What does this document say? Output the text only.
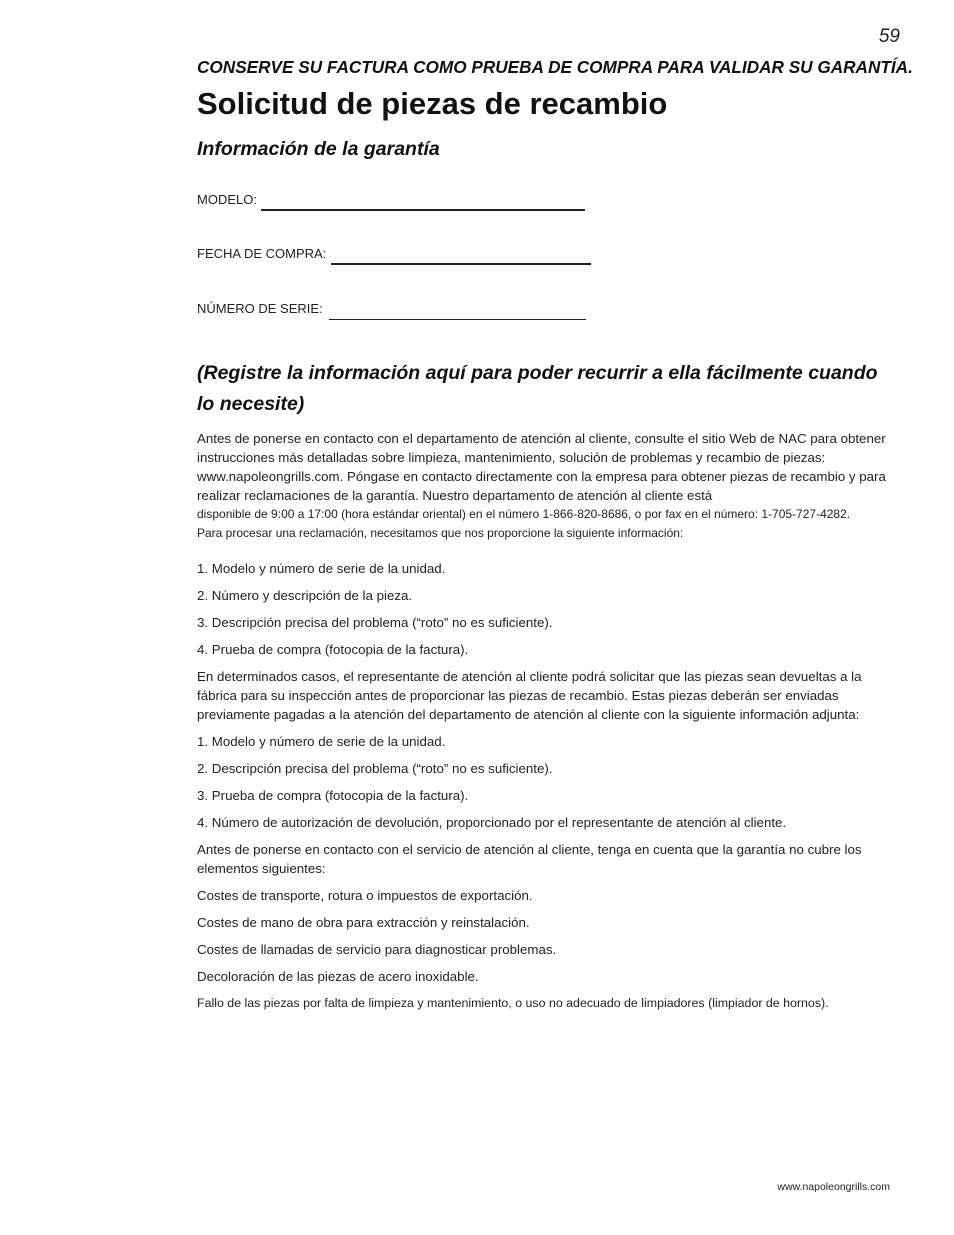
59

CONSERVE SU FACTURA COMO PRUEBA DE COMPRA PARA VALIDAR SU GARANTÍA.

Solicitud de piezas de recambio
Información de la garantía
MODELO:
FECHA DE COMPRA:
NÚMERO DE SERIE:
(Registre la información aquí para poder recurrir a ella fácilmente cuando lo necesite)
Antes de ponerse en contacto con el departamento de atención al cliente, consulte el sitio Web de NAC para obtener instrucciones más detalladas sobre limpieza, mantenimiento, solución de problemas y recambio de piezas: www.napoleongrills.com. Póngase en contacto directamente con la empresa para obtener piezas de recambio y para realizar reclamaciones de la garantía. Nuestro departamento de atención al cliente está
disponible de 9:00 a 17:00 (hora estándar oriental) en el número 1-866-820-8686, o por fax en el número: 1-705-727-4282.
Para procesar una reclamación, necesitamos que nos proporcione la siguiente información:

1. Modelo y número de serie de la unidad.

2. Número y descripción de la pieza.

3. Descripción precisa del problema (“roto” no es suficiente).

4. Prueba de compra (fotocopia de la factura).

En determinados casos, el representante de atención al cliente podrá solicitar que las piezas sean devueltas a la fábrica para su inspección antes de proporcionar las piezas de recambio. Estas piezas deberán ser enviadas previamente pagadas a la atención del departamento de atención al cliente con la siguiente información adjunta:

1. Modelo y número de serie de la unidad.

2. Descripción precisa del problema (“roto” no es suficiente).

3. Prueba de compra (fotocopia de la factura).

4. Número de autorización de devolución, proporcionado por el representante de atención al cliente.

Antes de ponerse en contacto con el servicio de atención al cliente, tenga en cuenta que la garantía no cubre los elementos siguientes:

Costes de transporte, rotura o impuestos de exportación.

Costes de mano de obra para extracción y reinstalación.

Costes de llamadas de servicio para diagnosticar problemas.

Decoloración de las piezas de acero inoxidable.

Fallo de las piezas por falta de limpieza y mantenimiento, o uso no adecuado de limpiadores (limpiador de hornos).

www.napoleongrills.com
